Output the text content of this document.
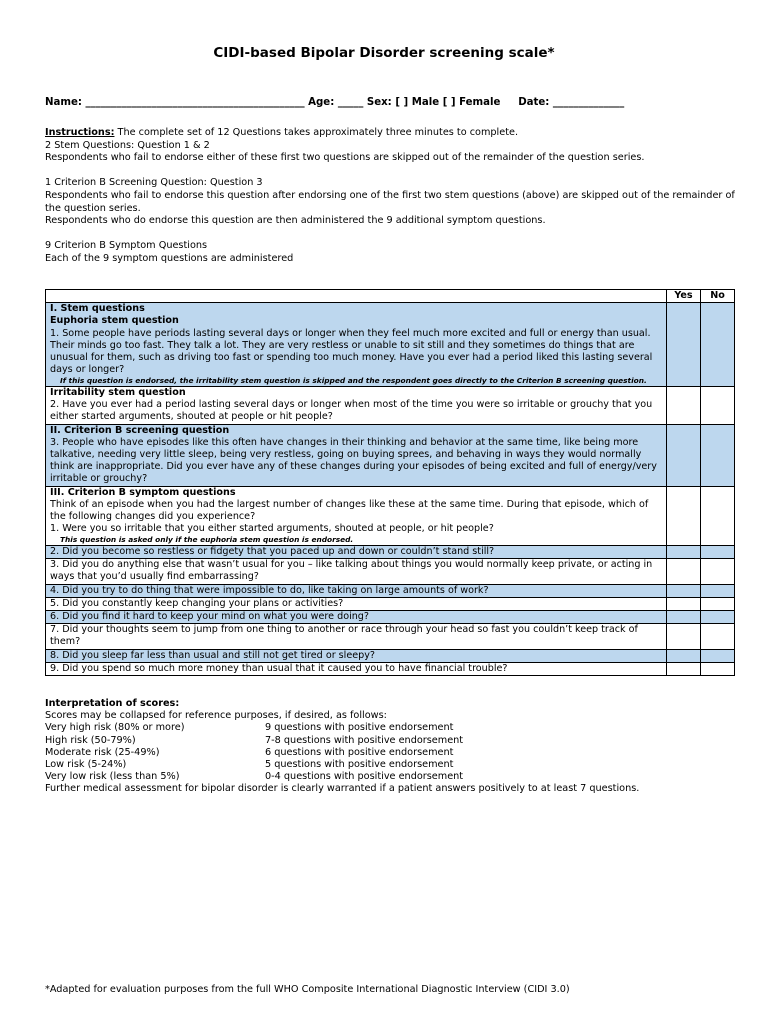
CIDI-based Bipolar Disorder screening scale*
Name: ___________________________________________ Age: _____ Sex: [ ] Male [ ] Female Date: ______________

Instructions: The complete set of 12 Questions takes approximately three minutes to complete.

2 Stem Questions: Question 1 & 2

Respondents who fail to endorse either of these first two questions are skipped out of the remainder of the question series.

1 Criterion B Screening Question: Question 3

Respondents who fail to endorse this question after endorsing one of the first two stem questions (above) are skipped out of the remainder of the question series.

Respondents who do endorse this question are then administered the 9 additional symptom questions.

9 Criterion B Symptom Questions

Each of the 9 symptom questions are administered

	Yes	No

I. Stem questions
Euphoria stem question
1. Some people have periods lasting several days or longer when they feel much more excited and full or energy than usual. Their minds go too fast. They talk a lot. They are very restless or unable to sit still and they sometimes do things that are unusual for them, such as driving too fast or spending too much money. Have you ever had a period liked this lasting several days or longer?
If this question is endorsed, the irritability stem question is skipped and the respondent goes directly to the Criterion B screening question.		

Irritability stem question
2. Have you ever had a period lasting several days or longer when most of the time you were so irritable or grouchy that you either started arguments, shouted at people or hit people?		

II. Criterion B screening question
3. People who have episodes like this often have changes in their thinking and behavior at the same time, like being more talkative, needing very little sleep, being very restless, going on buying sprees, and behaving in ways they would normally think are inappropriate. Did you ever have any of these changes during your episodes of being excited and full of energy/very irritable or grouchy?		

III. Criterion B symptom questions
Think of an episode when you had the largest number of changes like these at the same time. During that episode, which of the following changes did you experience?
1. Were you so irritable that you either started arguments, shouted at people, or hit people?
This question is asked only if the euphoria stem question is endorsed.		

2. Did you become so restless or fidgety that you paced up and down or couldn’t stand still?		
3. Did you do anything else that wasn’t usual for you – like talking about things you would normally keep private, or acting in ways that you’d usually find embarrassing?		
4. Did you try to do thing that were impossible to do, like taking on large amounts of work?		
5. Did you constantly keep changing your plans or activities?		
6. Did you find it hard to keep your mind on what you were doing?		
7. Did your thoughts seem to jump from one thing to another or race through your head so fast you couldn’t keep track of them?		
8. Did you sleep far less than usual and still not get tired or sleepy?		
9. Did you spend so much more money than usual that it caused you to have financial trouble?		

Interpretation of scores:

Scores may be collapsed for reference purposes, if desired, as follows:

Very high risk (80% or more)	9 questions with positive endorsement

High risk (50-79%)	7-8 questions with positive endorsement

Moderate risk (25-49%)	6 questions with positive endorsement

Low risk (5-24%)	5 questions with positive endorsement

Very low risk (less than 5%)	0-4 questions with positive endorsement

Further medical assessment for bipolar disorder is clearly warranted if a patient answers positively to at least 7 questions.

*Adapted for evaluation purposes from the full WHO Composite International Diagnostic Interview (CIDI 3.0)
